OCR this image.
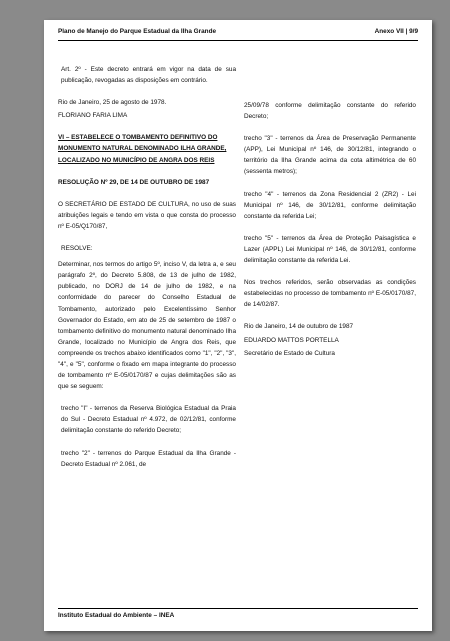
Plano de Manejo do Parque Estadual da Ilha Grande	Anexo VII | 9/9

Art. 2º - Este decreto entrará em vigor na data de sua publicação, revogadas as disposições em contrário.

Rio de Janeiro, 25 de agosto de 1978.

FLORIANO FARIA LIMA

VI – ESTABELECE O TOMBAMENTO DEFINITIVO DO MONUMENTO NATURAL DENOMINADO ILHA GRANDE, LOCALIZADO NO MUNICÍPIO DE ANGRA DOS REIS

RESOLUÇÃO Nº 29, DE 14 DE OUTUBRO DE 1987

O SECRETÁRIO DE ESTADO DE CULTURA, no uso de suas atribuições legais e tendo em vista o que consta do processo nº E-05/Q170/87,

RESOLVE:

Determinar, nos termos do artigo 5º, inciso V, da letra a, e seu parágrafo 2º, do Decreto 5.808, de 13 de julho de 1982, publicado, no DORJ de 14 de julho de 1982, e na conformidade do parecer do Conselho Estadual de Tombamento, autorizado pelo Excelentíssimo Senhor Governador do Estado, em ato de 25 de setembro de 1987 o tombamento definitivo do monumento natural denominado Ilha Grande, localizado no Município de Angra dos Reis, que compreende os trechos abaixo identificados como "1", "2", "3", "4", e "5", conforme o fixado em mapa integrante do processo de tombamento nº E-05/0170/87 e cujas delimitações são as que se seguem:

trecho "I" - terrenos da Reserva Biológica Estadual da Praia do Sul - Decreto Estadual nº 4.972, de 02/12/81, conforme delimitação constante do referido Decreto;

trecho "2" - terrenos do Parque Estadual da Ilha Grande - Decreto Estadual nº 2.061, de

25/09/78 conforme delimitação constante do referido Decreto;

trecho "3" - terrenos da Área de Preservação Permanente (APP), Lei Municipal nº 146, de 30/12/81, integrando o território da Ilha Grande acima da cota altimétrica de 60 (sessenta metros);

trecho "4" - terrenos da Zona Residencial 2 (ZR2) - Lei Municipal nº 146, de 30/12/81, conforme delimitação constante da referida Lei;

trecho "5" - terrenos da Área de Proteção Paisagística e Lazer (APPL) Lei Municipal nº 146, de 30/12/81, conforme delimitação constante da referida Lei.

Nos trechos referidos, serão observadas as condições estabelecidas no processo de tombamento nº E-05/0170/87, de 14/02/87.

Rio de Janeiro, 14 de outubro de 1987

EDUARDO MATTOS PORTELLA

Secretário de Estado de Cultura

Instituto Estadual do Ambiente – INEA
